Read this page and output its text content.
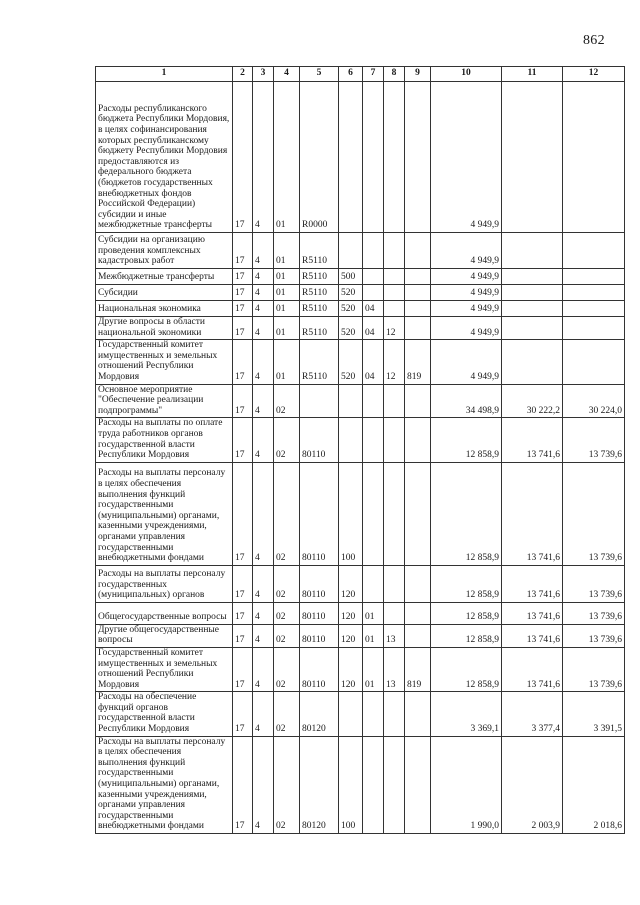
862
1	2	3	4	5	6	7	8	9	10	11	12
Расходы республиканского бюджета Республики Мордовия, в целях софинансирования которых республиканскому бюджету Республики Мордовия предоставляются из федерального бюджета (бюджетов государственных внебюджетных фондов Российской Федерации) субсидии и иные межбюджетные трансферты	17	4	01	R0000					4 949,9		
Субсидии на организацию проведения комплексных кадастровых работ	17	4	01	R5110					4 949,9		
Межбюджетные трансферты	17	4	01	R5110	500				4 949,9		
Субсидии	17	4	01	R5110	520				4 949,9		
Национальная экономика	17	4	01	R5110	520	04			4 949,9		
Другие вопросы в области национальной экономики	17	4	01	R5110	520	04	12		4 949,9		
Государственный комитет имущественных и земельных отношений Республики Мордовия	17	4	01	R5110	520	04	12	819	4 949,9		
Основное мероприятие "Обеспечение реализации подпрограммы"	17	4	02						34 498,9	30 222,2	30 224,0
Расходы на выплаты по оплате труда работников органов государственной власти Республики Мордовия	17	4	02	80110					12 858,9	13 741,6	13 739,6
Расходы на выплаты персоналу в целях обеспечения выполнения функций государственными (муниципальными) органами, казенными учреждениями, органами управления государственными внебюджетными фондами	17	4	02	80110	100				12 858,9	13 741,6	13 739,6
Расходы на выплаты персоналу государственных (муниципальных) органов	17	4	02	80110	120				12 858,9	13 741,6	13 739,6
Общегосударственные вопросы	17	4	02	80110	120	01			12 858,9	13 741,6	13 739,6
Другие общегосударственные вопросы	17	4	02	80110	120	01	13		12 858,9	13 741,6	13 739,6
Государственный комитет имущественных и земельных отношений Республики Мордовия	17	4	02	80110	120	01	13	819	12 858,9	13 741,6	13 739,6
Расходы на обеспечение функций органов государственной власти Республики Мордовия	17	4	02	80120					3 369,1	3 377,4	3 391,5
Расходы на выплаты персоналу в целях обеспечения выполнения функций государственными (муниципальными) органами, казенными учреждениями, органами управления государственными внебюджетными фондами	17	4	02	80120	100				1 990,0	2 003,9	2 018,6
